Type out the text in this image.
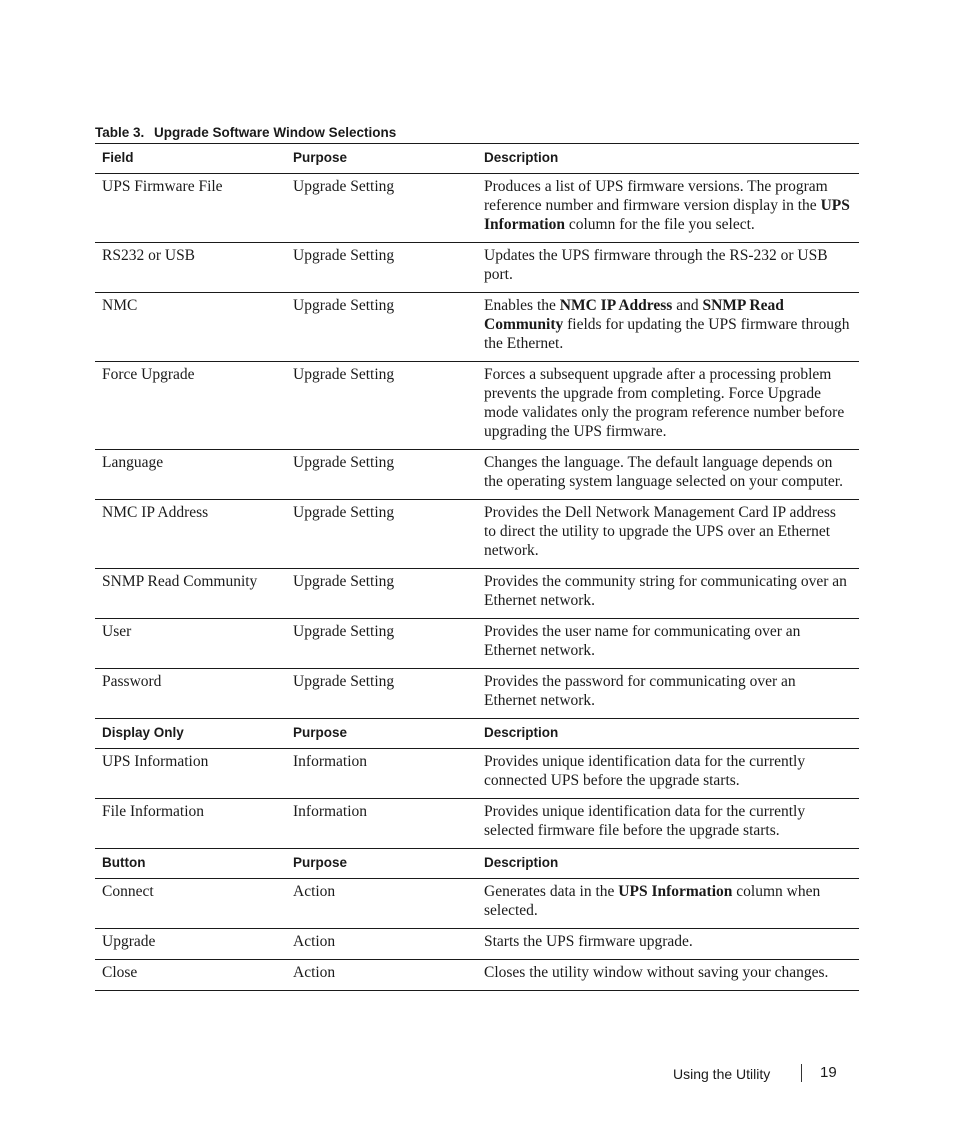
Table 3. Upgrade Software Window Selections
Field	Purpose	Description
UPS Firmware File	Upgrade Setting	Produces a list of UPS firmware versions. The program reference number and firmware version display in the UPS Information column for the file you select.
RS232 or USB	Upgrade Setting	Updates the UPS firmware through the RS-232 or USB port.
NMC	Upgrade Setting	Enables the NMC IP Address and SNMP Read Community fields for updating the UPS firmware through the Ethernet.
Force Upgrade	Upgrade Setting	Forces a subsequent upgrade after a processing problem prevents the upgrade from completing. Force Upgrade mode validates only the program reference number before upgrading the UPS firmware.
Language	Upgrade Setting	Changes the language. The default language depends on the operating system language selected on your computer.
NMC IP Address	Upgrade Setting	Provides the Dell Network Management Card IP address to direct the utility to upgrade the UPS over an Ethernet network.
SNMP Read Community	Upgrade Setting	Provides the community string for communicating over an Ethernet network.
User	Upgrade Setting	Provides the user name for communicating over an Ethernet network.
Password	Upgrade Setting	Provides the password for communicating over an Ethernet network.
Display Only	Purpose	Description
UPS Information	Information	Provides unique identification data for the currently connected UPS before the upgrade starts.
File Information	Information	Provides unique identification data for the currently selected firmware file before the upgrade starts.
Button	Purpose	Description
Connect	Action	Generates data in the UPS Information column when selected.
Upgrade	Action	Starts the UPS firmware upgrade.
Close	Action	Closes the utility window without saving your changes.
Using the Utility	19
